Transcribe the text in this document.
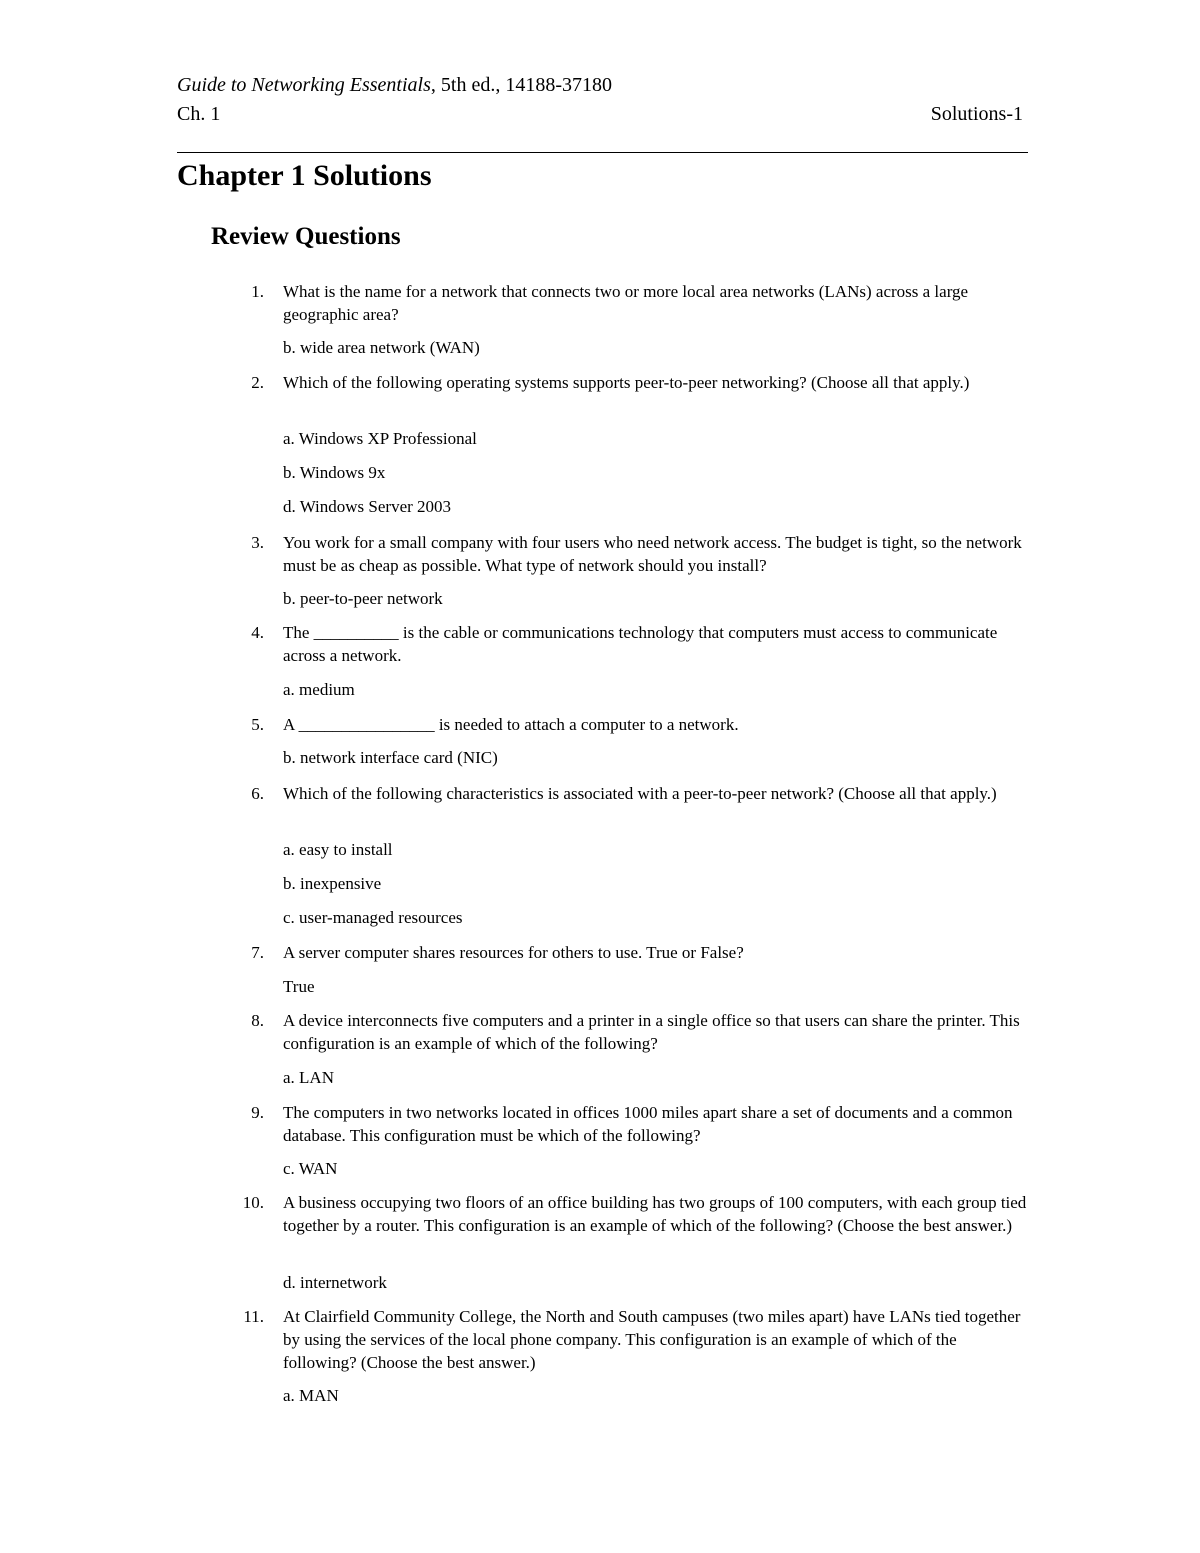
Guide to Networking Essentials, 5th ed., 14188-37180
Ch. 1	Solutions-1
Chapter 1 Solutions
Review Questions
1. What is the name for a network that connects two or more local area networks (LANs) across a large geographic area?
b. wide area network (WAN)
2. Which of the following operating systems supports peer-to-peer networking? (Choose all that apply.)
a. Windows XP Professional
b. Windows 9x
d. Windows Server 2003
3. You work for a small company with four users who need network access. The budget is tight, so the network must be as cheap as possible. What type of network should you install?
b. peer-to-peer network
4. The __________ is the cable or communications technology that computers must access to communicate across a network.
a. medium
5. A ________________ is needed to attach a computer to a network.
b. network interface card (NIC)
6. Which of the following characteristics is associated with a peer-to-peer network? (Choose all that apply.)
a. easy to install
b. inexpensive
c. user-managed resources
7. A server computer shares resources for others to use. True or False?
True
8. A device interconnects five computers and a printer in a single office so that users can share the printer. This configuration is an example of which of the following?
a. LAN
9. The computers in two networks located in offices 1000 miles apart share a set of documents and a common database. This configuration must be which of the following?
c. WAN
10. A business occupying two floors of an office building has two groups of 100 computers, with each group tied together by a router. This configuration is an example of which of the following? (Choose the best answer.)
d. internetwork
11. At Clairfield Community College, the North and South campuses (two miles apart) have LANs tied together by using the services of the local phone company. This configuration is an example of which of the following? (Choose the best answer.)
a. MAN
